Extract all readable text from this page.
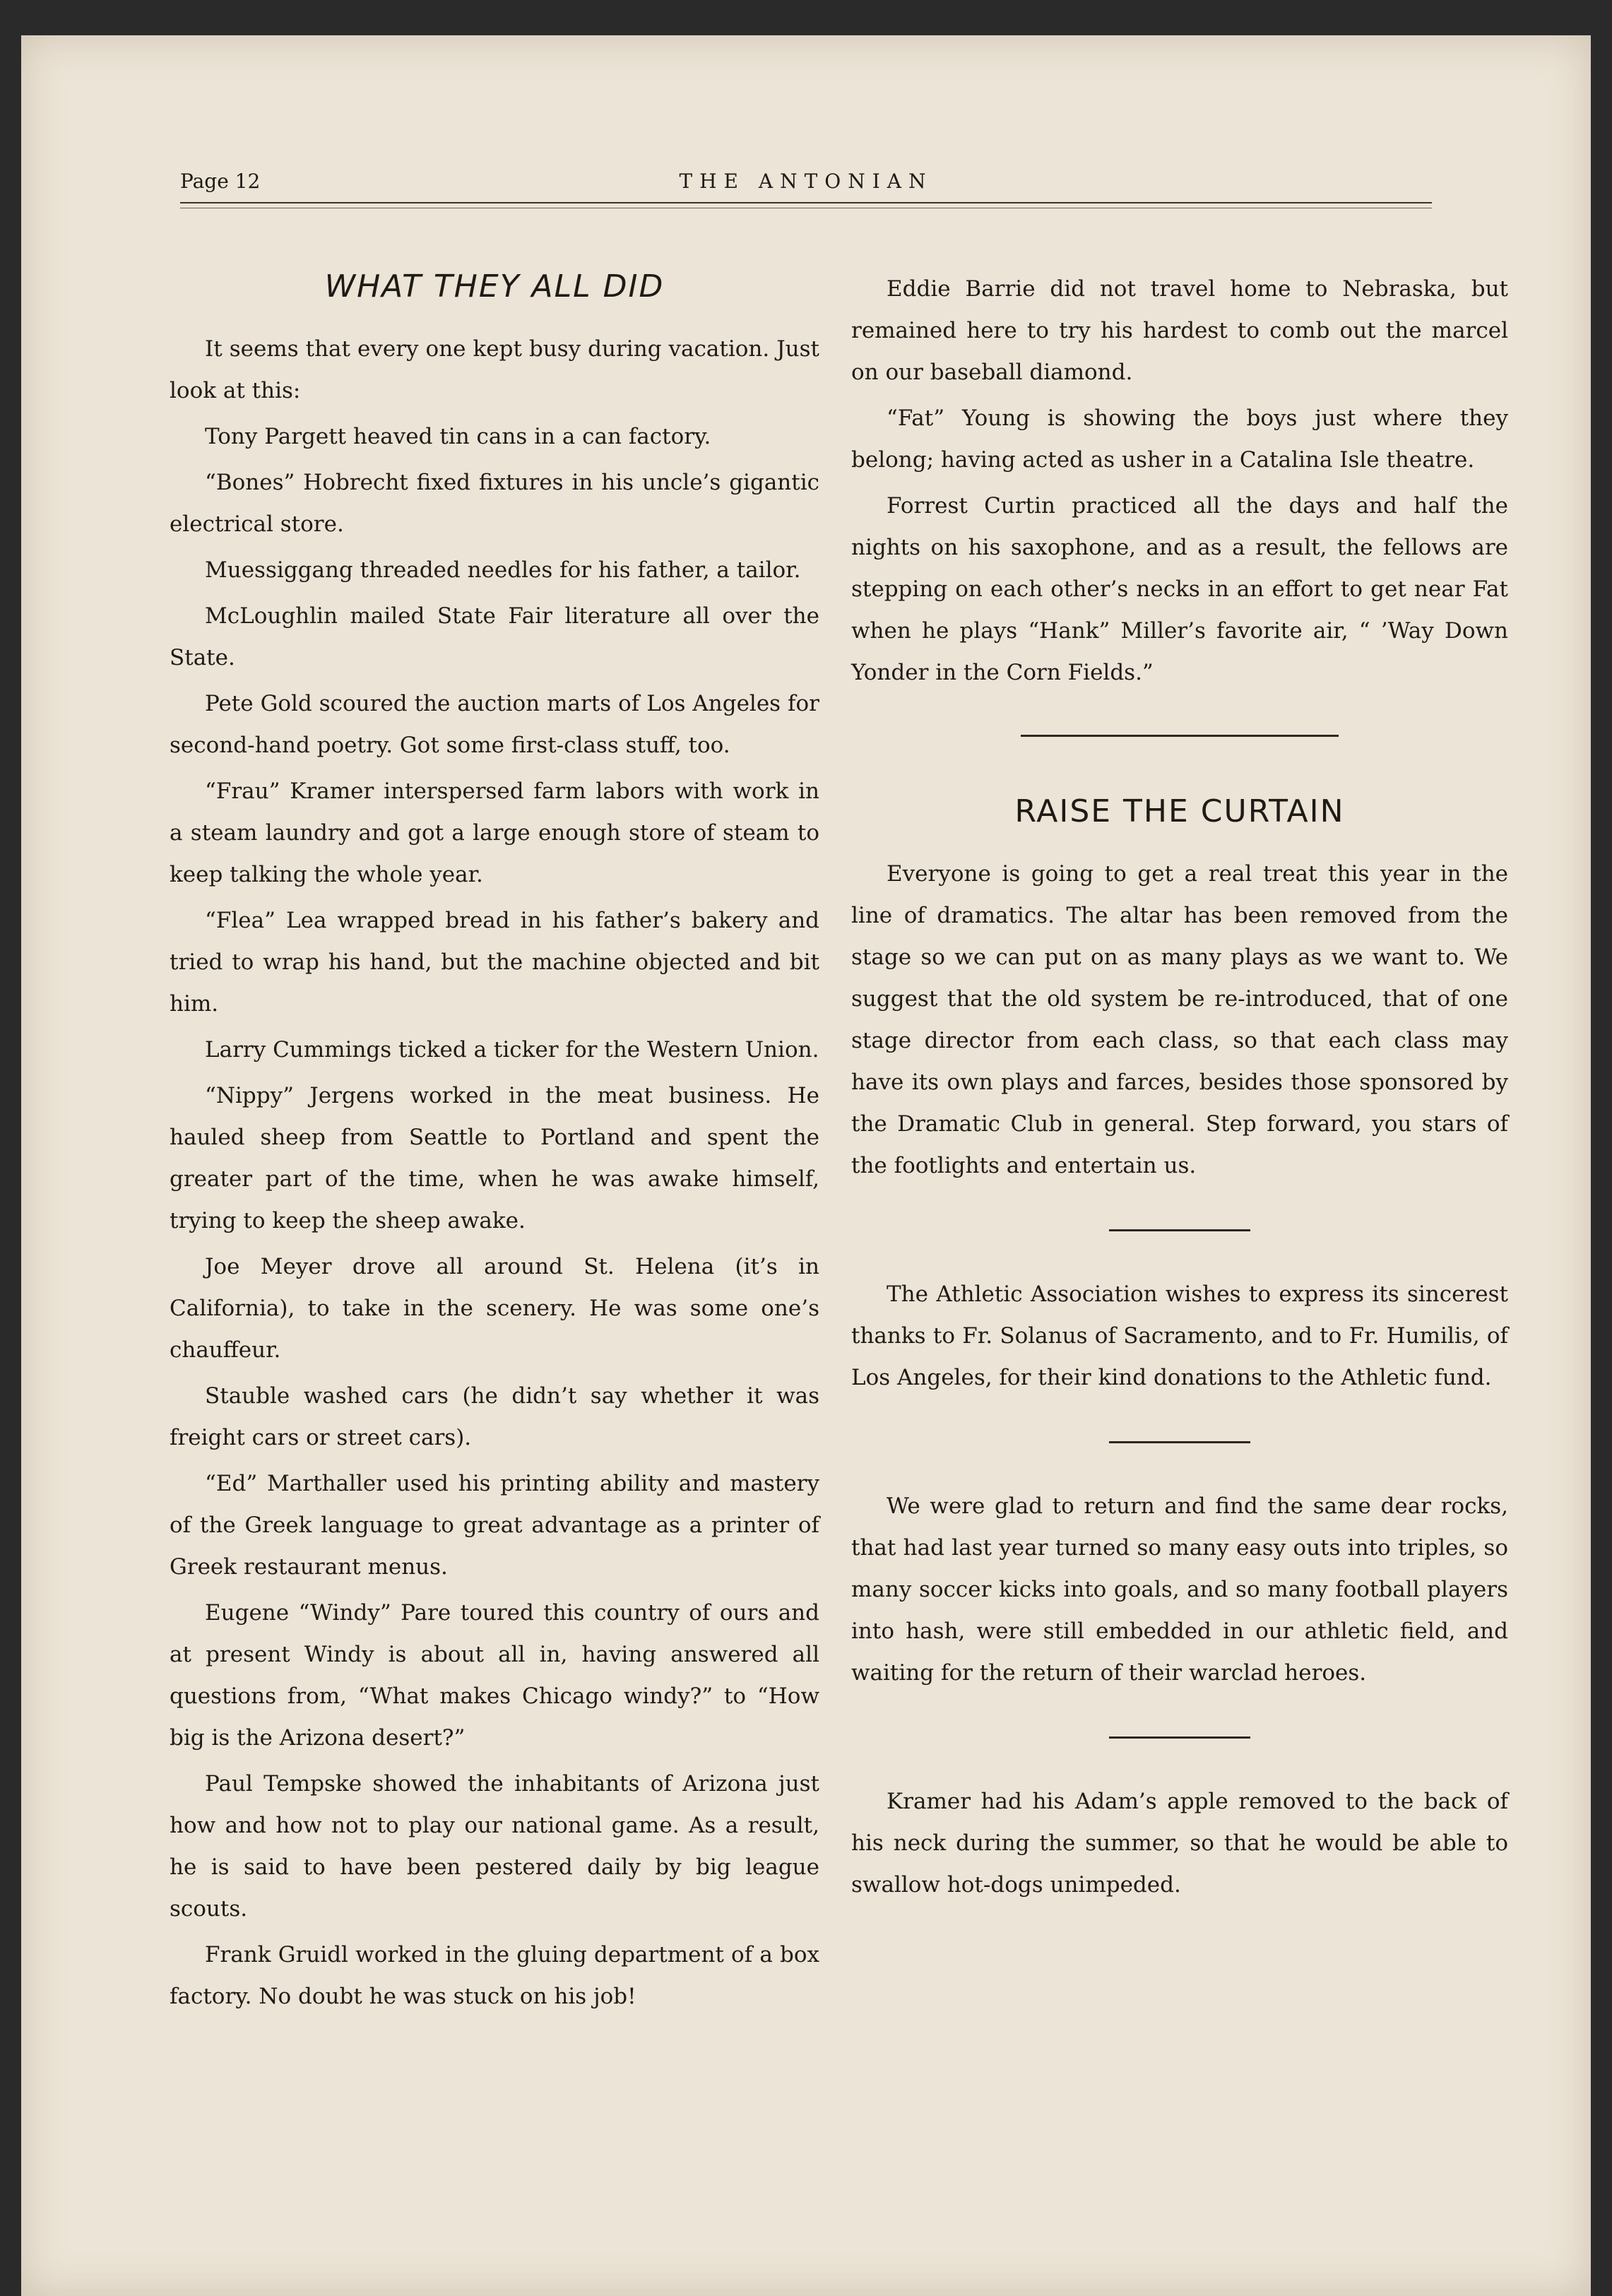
Page 12	THE ANTONIAN
WHAT THEY ALL DID

It seems that every one kept busy during vacation. Just look at this:

Tony Pargett heaved tin cans in a can factory.

“Bones” Hobrecht fixed fixtures in his uncle’s gigantic electrical store.

Muessiggang threaded needles for his father, a tailor.

McLoughlin mailed State Fair literature all over the State.

Pete Gold scoured the auction marts of Los Angeles for second-hand poetry. Got some first-class stuff, too.

“Frau” Kramer interspersed farm labors with work in a steam laundry and got a large enough store of steam to keep talking the whole year.

“Flea” Lea wrapped bread in his father’s bakery and tried to wrap his hand, but the machine objected and bit him.

Larry Cummings ticked a ticker for the Western Union.

“Nippy” Jergens worked in the meat business. He hauled sheep from Seattle to Portland and spent the greater part of the time, when he was awake himself, trying to keep the sheep awake.

Joe Meyer drove all around St. Helena (it’s in California), to take in the scenery. He was some one’s chauffeur.

Stauble washed cars (he didn’t say whether it was freight cars or street cars).

“Ed” Marthaller used his printing ability and mastery of the Greek language to great advantage as a printer of Greek restaurant menus.

Eugene “Windy” Pare toured this country of ours and at present Windy is about all in, having answered all questions from, “What makes Chicago windy?” to “How big is the Arizona desert?”

Paul Tempske showed the inhabitants of Arizona just how and how not to play our national game. As a result, he is said to have been pestered daily by big league scouts.

Frank Gruidl worked in the gluing department of a box factory. No doubt he was stuck on his job!

Eddie Barrie did not travel home to Nebraska, but remained here to try his hardest to comb out the marcel on our baseball diamond.

“Fat” Young is showing the boys just where they belong; having acted as usher in a Catalina Isle theatre.

Forrest Curtin practiced all the days and half the nights on his saxophone, and as a result, the fellows are stepping on each other’s necks in an effort to get near Fat when he plays “Hank” Miller’s favorite air, “ ’Way Down Yonder in the Corn Fields.”

RAISE THE CURTAIN

Everyone is going to get a real treat this year in the line of dramatics. The altar has been removed from the stage so we can put on as many plays as we want to. We suggest that the old system be re-introduced, that of one stage director from each class, so that each class may have its own plays and farces, besides those sponsored by the Dramatic Club in general. Step forward, you stars of the footlights and entertain us.

The Athletic Association wishes to express its sincerest thanks to Fr. Solanus of Sacramento, and to Fr. Humilis, of Los Angeles, for their kind donations to the Athletic fund.

We were glad to return and find the same dear rocks, that had last year turned so many easy outs into triples, so many soccer kicks into goals, and so many football players into hash, were still embedded in our athletic field, and waiting for the return of their warclad heroes.

Kramer had his Adam’s apple removed to the back of his neck during the summer, so that he would be able to swallow hot-dogs unimpeded.
